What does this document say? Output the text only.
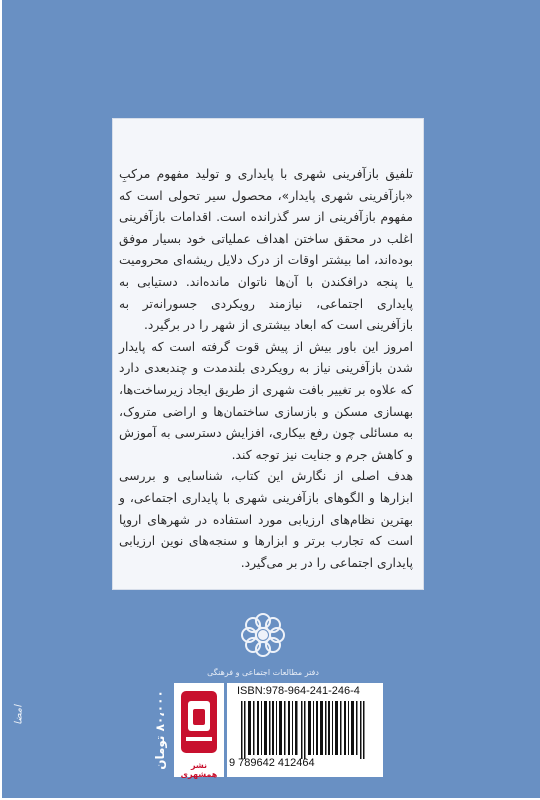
تلفیق بازآفرینی شهری با پایداری و تولید مفهوم مرکبِ «بازآفرینی شهری پایدار»، محصول سیر تحولی است که مفهوم بازآفرینی از سر گذرانده است. اقدامات بازآفرینی اغلب در محقق ساختن اهداف عملیاتی خود بسیار موفق بوده‌اند، اما بیشتر اوقات از درک دلایل ریشه‌ای محرومیت یا پنجه درافکندن با آن‌ها ناتوان مانده‌اند. دستیابی به پایداری اجتماعی، نیازمند رویکردی جسورانه‌تر به بازآفرینی است که ابعاد بیشتری از شهر را در برگیرد.

امروز این باور بیش از پیش قوت گرفته است که پایدار شدن بازآفرینی نیاز به رویکردی بلندمدت و چندبعدی دارد که علاوه بر تغییر بافت شهری از طریق ایجاد زیرساخت‌ها، بهسازی مسکن و بازسازی ساختمان‌ها و اراضی متروک، به مسائلی چون رفع بیکاری، افزایش دسترسی به آموزش و کاهش جرم و جنایت نیز توجه کند.

هدف اصلی از نگارش این کتاب، شناسایی و بررسی ابزارها و الگوهای بازآفرینی شهری با پایداری اجتماعی، و بهترین نظام‌های ارزیابی مورد استفاده در شهرهای اروپا است که تجارب برتر و ابزارها و سنجه‌های نوین ارزیابی پایداری اجتماعی را در بر می‌گیرد.

دفتر مطالعات اجتماعی و فرهنگی
۸۰،۰۰۰ تومان
نشر همشهری
ISBN:978-964-241-246-4
9 789642 412464
امضا
